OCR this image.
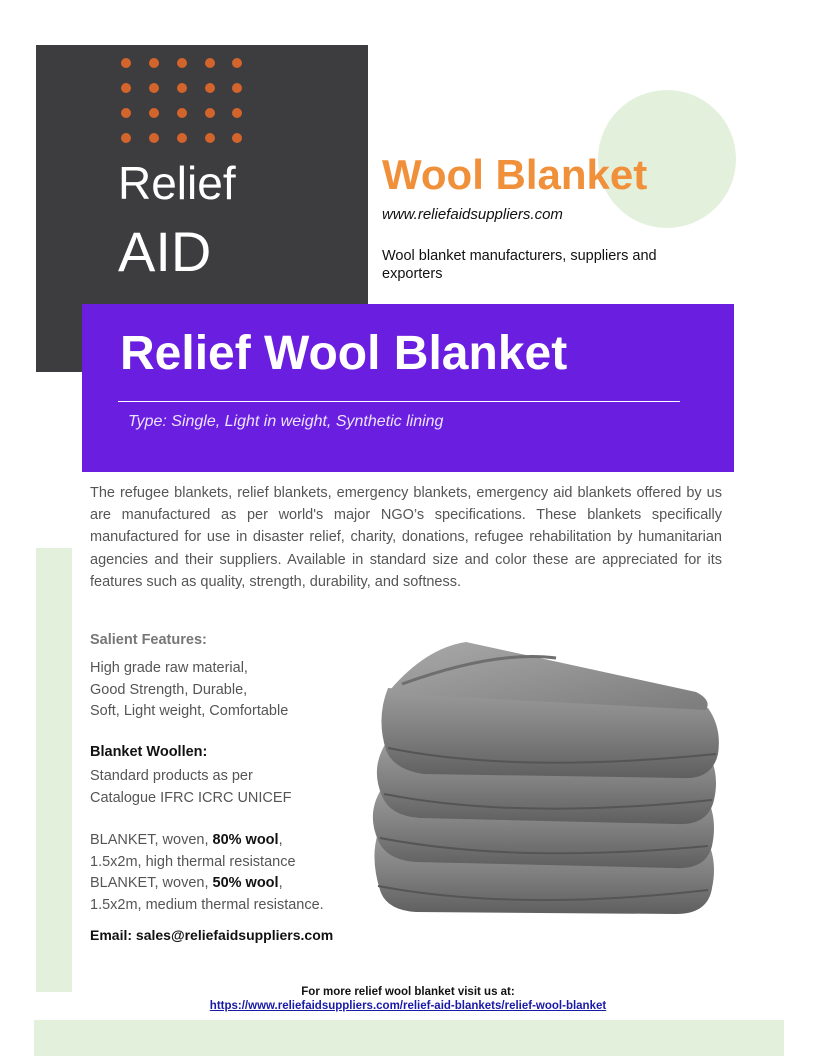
Relief
AID
Wool Blanket
www.reliefaidsuppliers.com
Wool blanket manufacturers, suppliers and exporters
Relief Wool Blanket
Type: Single, Light in weight, Synthetic lining

The refugee blankets, relief blankets, emergency blankets, emergency aid blankets offered by us are manufactured as per world's major NGO’s specifications. These blankets specifically manufactured for use in disaster relief, charity, donations, refugee rehabilitation by humanitarian agencies and their suppliers. Available in standard size and color these are appreciated for its features such as quality, strength, durability, and softness.

Salient Features:
High grade raw material,
Good Strength, Durable,
Soft, Light weight, Comfortable
Blanket Woollen:
Standard products as per
Catalogue IFRC ICRC UNICEF
BLANKET, woven, 80% wool,
1.5x2m, high thermal resistance
BLANKET, woven, 50% wool,
1.5x2m, medium thermal resistance.
Email: sales@reliefaidsuppliers.com
For more relief wool blanket visit us at:
https://www.reliefaidsuppliers.com/relief-aid-blankets/relief-wool-blanket
